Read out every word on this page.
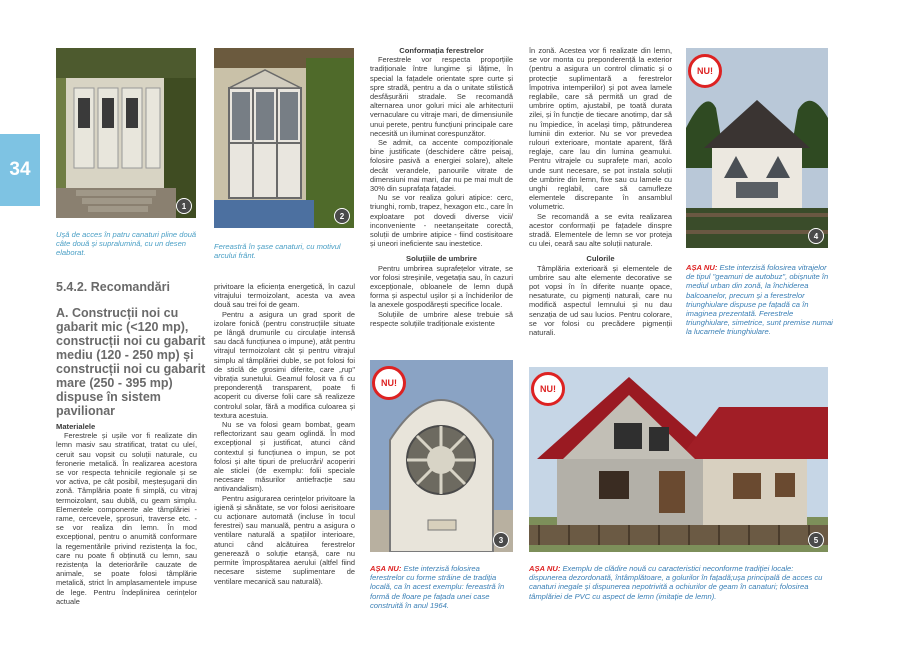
34
1
Ușă de acces în patru canaturi pline două câte două și supralumină, cu un desen elaborat.
2
Fereastră în șase canaturi, cu motivul arcului frânt.
3
NU!
AȘA NU: Este interzisă folosirea ferestrelor cu forme străine de tradiția locală, ca în acest exemplu: fereastră în formă de floare pe fațada unei case construită în anul 1964.
4
NU!
AȘA NU: Este interzisă folosirea vitrajelor de tipul "geamuri de autobuz", obișnuite în mediul urban din zonă, la închiderea balcoanelor, precum și a ferestrelor triunghiulare dispuse pe fațadă ca în imaginea prezentată. Ferestrele triunghiulare, simetrice, sunt premise numai la lucarnele triunghiulare.
5
NU!
AȘA NU: Exemplu de clădire nouă cu caracteristici neconforme tradiției locale: dispunerea dezordonată, întâmplătoare, a golurilor în fațadă;ușa principală de acces cu canaturi inegale și dispunerea nepotrivită a ochiurilor de geam în canaturi; folosirea tâmplăriei de PVC cu aspect de lemn (imitație de lemn).
5.4.2. Recomandări
A. Construcții noi cu gabarit mic (<120 mp), construcții noi cu gabarit mediu (120 - 250 mp) și construcții noi cu gabarit mare (250 - 395 mp) dispuse în sistem pavilionar
Materialele

Ferestrele și ușile vor fi realizate din lemn masiv sau stratificat, tratat cu uleí, ceruit sau vopsit cu soluții naturale, cu feronerie metalică. În realizarea acestora se vor respecta tehnicile regionale și se vor activa, pe cât posibil, meșteșugarii din zonă. Tâmplăria poate fi simplă, cu vitraj termoizolant, sau dublă, cu geam simplu. Elementele componente ale tâmplăriei - rame, cercevele, șprosuri, traverse etc. - se vor realiza din lemn. În mod excepțional, pentru o anumită conformare la regementările privind rezistența la foc, care nu poate fi obținută cu lemn, sau rezistența la deteriorările cauzate de animale, se poate folosi tâmplărie metalică, strict în amplasamentele impuse de lege. Pentru îndeplinirea cerințelor actuale

privitoare la eficiența energetică, în cazul vitrajului termoizolant, acesta va avea două sau trei foi de geam.

Pentru a asigura un grad sporit de izolare fonică (pentru construcțiile situate pe lângă drumurile cu circulație intensă sau dacă funcțiunea o impune), atât pentru vitrajul termoizolant cât și pentru vitrajul simplu al tâmplăriei duble, se pot folosi foi de sticlă de grosimi diferite, care „rup" vibrația sunetului. Geamul folosit va fi cu preponderență transparent, poate fi acoperit cu diverse folii care să realizeze controlul solar, fără a modifica culoarea și textura acestuia.

Nu se va folosi geam bombat, geam reflectorizant sau geam oglindă. În mod excepțional și justificat, atunci când contextul și funcțiunea o impun, se pot folosi și alte tipuri de prelucrări/ acoperiri ale sticlei (de exemplu: folii speciale necesare măsurilor antiefracție sau antivandalism).

Pentru asigurarea cerințelor privitoare la igienă și sănătate, se vor folosi aerisitoare cu acționare automată (incluse în tocul ferestrei) sau manuală, pentru a asigura o ventilare naturală a spațiilor interioare, atunci când alcătuirea ferestrelor generează o soluție etanșă, care nu permite împrospătarea aerului (altfel fiind necesare sisteme suplimentare de ventilare mecanică sau naturală).

Conformația ferestrelor

Ferestrele vor respecta proporțiile tradiționale între lungime și lățime, în special la fațadele orientate spre curte și spre stradă, pentru a da o unitate stilistică desfășurării stradale. Se recomandă alternarea unor goluri mici ale arhitecturii vernaculare cu vitraje mari, de dimensiunile unui perete, pentru funcțiuni principale care necesită un iluminat corespunzător.

Se admit, ca accente compoziționale bine justificate (deschidere către peisaj, folosire pasivă a energiei solare), altele decât verandele, panourile vitrate de dimensiuni mai mari, dar nu pe mai mult de 30% din suprafața fațadei.

Nu se vor realiza goluri atipice: cerc, triunghi, romb, trapez, hexagon etc., care în exploatare pot dovedi diverse vicii/ inconveniente - neetanșeitate corectă, soluții de umbrire atipice - fiind costisitoare și uneori ineficiente sau inestetice.

Soluțiile de umbrire

Pentru umbrirea suprafețelor vitrate, se vor folosi streșinile, vegetația sau, în cazuri excepționale, obloanele de lemn după forma și aspectul ușilor și a închiderilor de la anexele gospodărești specifice locale.

Soluțiile de umbrire alese trebuie să respecte soluțiile tradiționale existente

în zonă. Acestea vor fi realizate din lemn, se vor monta cu preponderență la exterior (pentru a asigura un control climatic și o protecție suplimentară a ferestrelor împotriva intemperiilor) și pot avea lamele reglabile, care să permită un grad de umbrire optim, ajustabil, pe toată durata zilei, și în funcție de tiecare anotimp, dar să nu împiedice, în același timp, pătrunderea luminii din exterior. Nu se vor prevedea rulouri exterioare, montate aparent, fără reglaje, care lau din lumina geamului. Pentru vitrajele cu suprafețe mari, acolo unde sunt necesare, se pot instala soluții de umbrire din lemn, fixe sau cu lamele cu unghi reglabil, care să camufleze elementele discrepante în ansamblul volumetric.

Se recomandă a se evita realizarea acestor conformații pe fațadele dinspre stradă. Elementele de lemn se vor proteja cu ulei, ceară sau alte soluții naturale.

Culorile

Tâmplăria exterioară și elementele de umbrire sau alte elemente decorative se pot vopsi în în diferite nuanțe opace, nesaturate, cu pigmenți naturali, care nu modifică aspectul lemnului și nu dau senzația de ud sau lucios. Pentru colorare, se vor folosi cu precădere pigmenții naturali.
